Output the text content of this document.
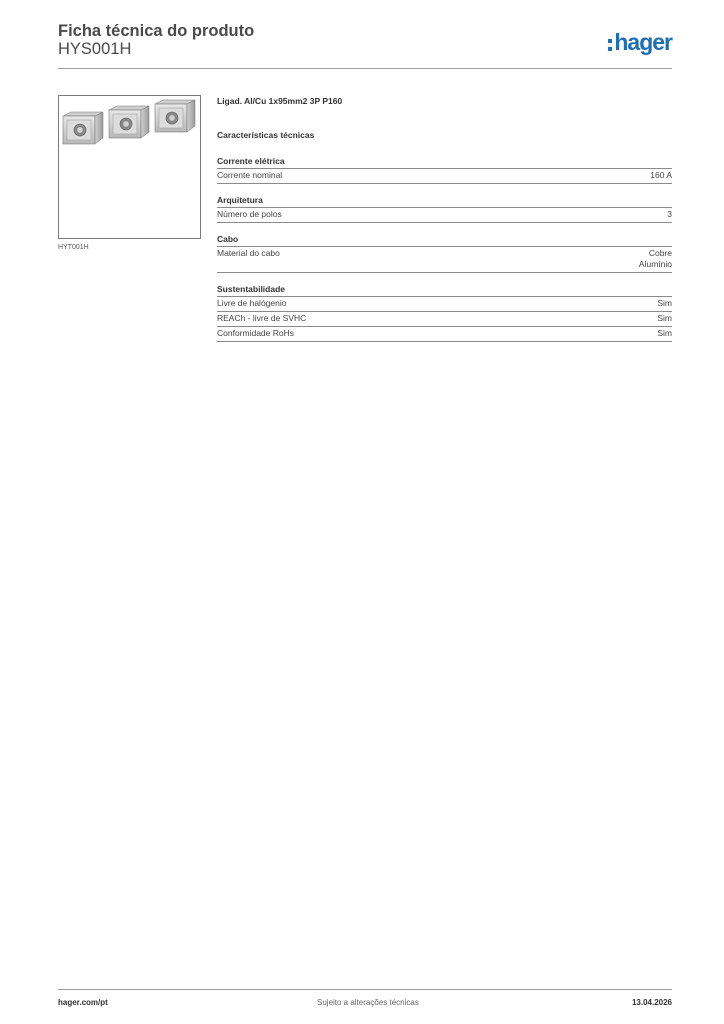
Ficha técnica do produto
HYS001H	hager
HYT001H
Ligad. Al/Cu 1x95mm2 3P P160
Características técnicas
Corrente elétrica
Corrente nominal	160 A
Arquitetura
Número de polos	3
Cabo
Material do cabo	Cobre
Alumínio
Sustentabilidade
Livre de halógenio	Sim
REACh - livre de SVHC	Sim
Conformidade RoHs	Sim
hager.com/pt	Sujeito a alterações técnicas	13.04.2026
